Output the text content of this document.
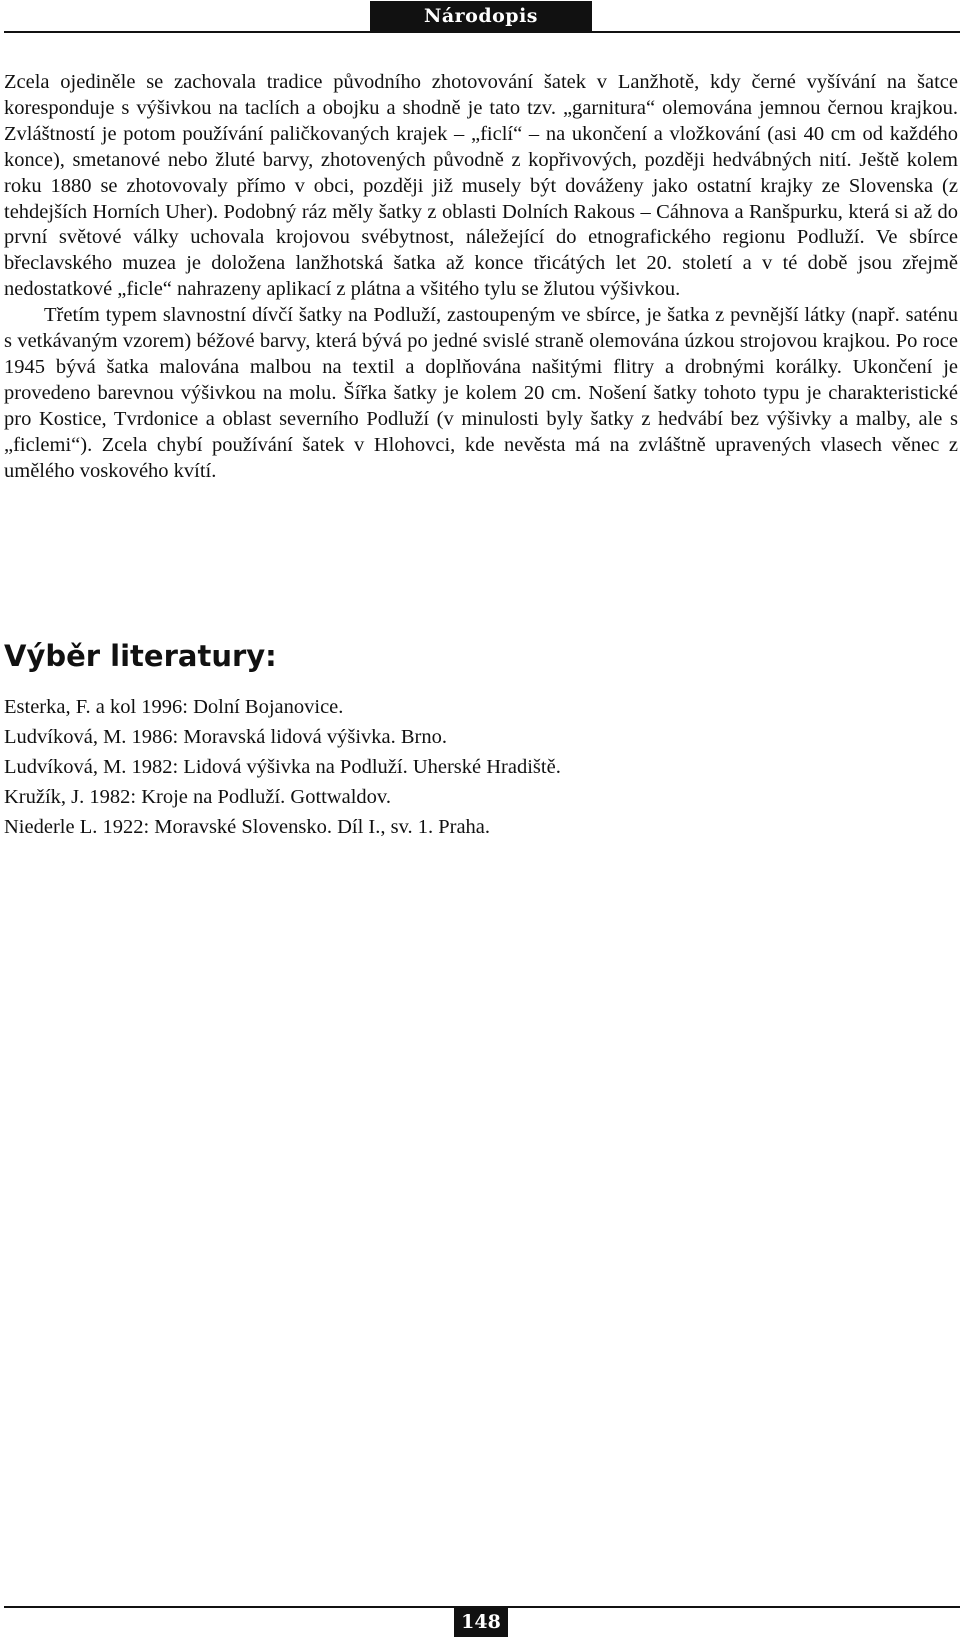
Národopis

Zcela ojediněle se zachovala tradice původního zhotovování šatek v Lanžhotě, kdy černé vyšívání na šatce koresponduje s výšivkou na taclích a obojku a shodně je tato tzv. „garnitura“ olemována jemnou černou krajkou. Zvláštností je potom používání paličkovaných krajek – „ficlí“ – na ukončení a vložkování (asi 40 cm od každého konce), smetanové nebo žluté barvy, zhotovených původně z kopřivových, později hedvábných nití. Ještě kolem roku 1880 se zhotovovaly přímo v obci, později již musely být dováženy jako ostatní krajky ze Slovenska (z tehdejších Horních Uher). Podobný ráz měly šatky z oblasti Dolních Rakous – Cáhnova a Ranšpurku, která si až do první světové války uchovala krojovou svébytnost, náležející do etnografického regionu Podluží. Ve sbírce břeclavského muzea je doložena lanžhotská šatka až konce třicátých let 20. století a v té době jsou zřejmě nedostatkové „ficle“ nahrazeny aplikací z plátna a všitého tylu se žlutou výšivkou.

Třetím typem slavnostní dívčí šatky na Podluží, zastoupeným ve sbírce, je šatka z pevnější látky (např. saténu s vetkávaným vzorem) béžové barvy, která bývá po jedné svislé straně olemována úzkou strojovou krajkou. Po roce 1945 bývá šatka malována malbou na textil a doplňována našitými flitry a drobnými korálky. Ukončení je provedeno barevnou výšivkou na molu. Šířka šatky je kolem 20 cm. Nošení šatky tohoto typu je charakteristické pro Kostice, Tvrdonice a oblast severního Podluží (v minulosti byly šatky z hedvábí bez výšivky a malby, ale s „ficlemi“). Zcela chybí používání šatek v Hlohovci, kde nevěsta má na zvláštně upravených vlasech věnec z umělého voskového kvítí.

Výběr literatury:
Esterka, F. a kol 1996: Dolní Bojanovice.
Ludvíková, M. 1986: Moravská lidová výšivka. Brno.
Ludvíková, M. 1982: Lidová výšivka na Podluží. Uherské Hradiště.
Kružík, J. 1982: Kroje na Podluží. Gottwaldov.
Niederle L. 1922: Moravské Slovensko. Díl I., sv. 1. Praha.
148
